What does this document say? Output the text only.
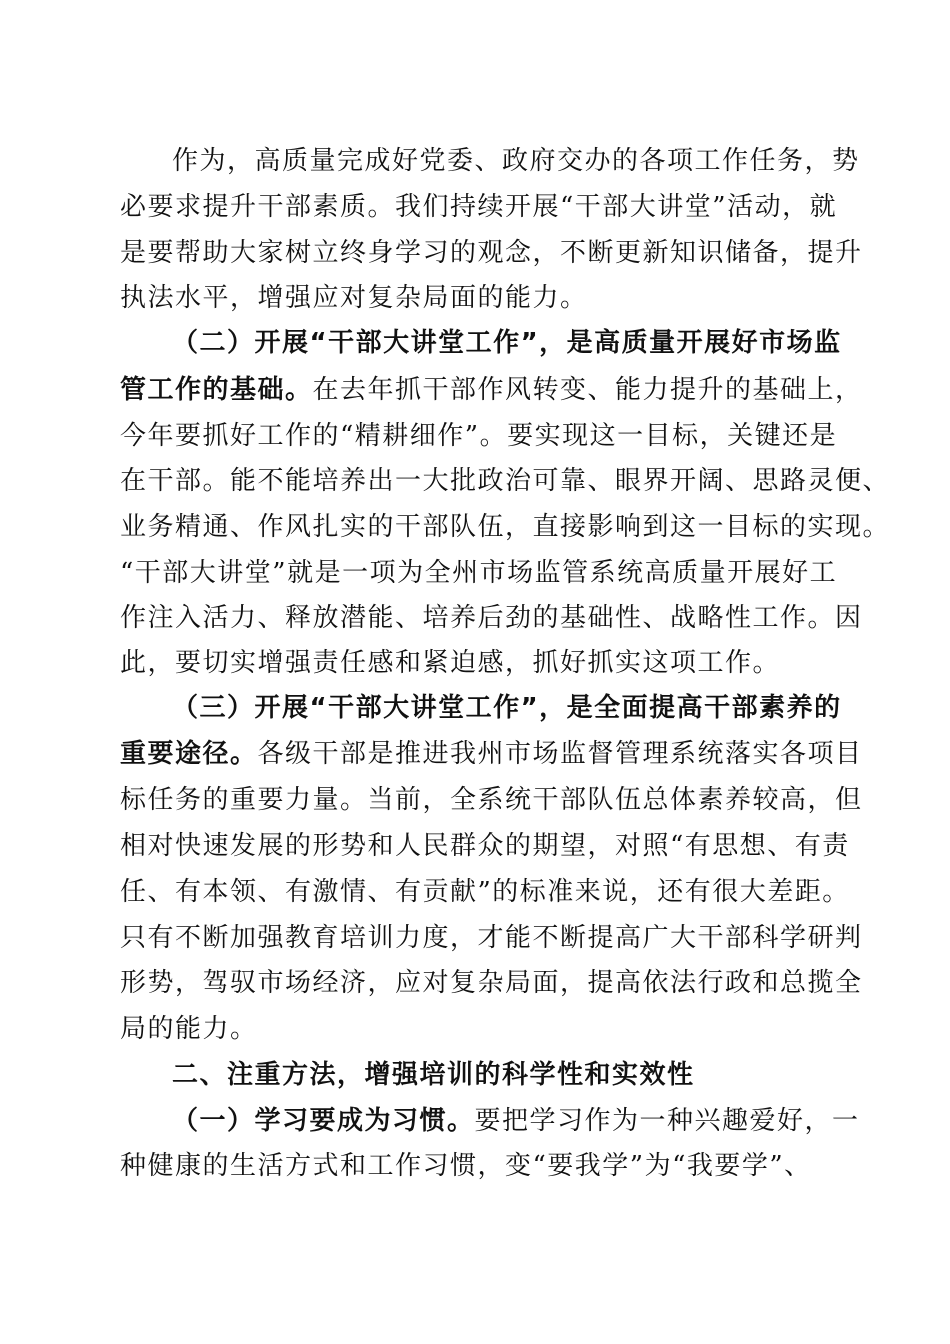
作为，高质量完成好党委、政府交办的各项工作任务，势
必要求提升干部素质。我们持续开展“干部大讲堂”活动，就
是要帮助大家树立终身学习的观念，不断更新知识储备，提升
执法水平，增强应对复杂局面的能力。
（二）开展“干部大讲堂工作”，是高质量开展好市场监
管工作的基础。在去年抓干部作风转变、能力提升的基础上，
今年要抓好工作的“精耕细作”。要实现这一目标，关键还是
在干部。能不能培养出一大批政治可靠、眼界开阔、思路灵便、
业务精通、作风扎实的干部队伍，直接影响到这一目标的实现。
“干部大讲堂”就是一项为全州市场监管系统高质量开展好工
作注入活力、释放潜能、培养后劲的基础性、战略性工作。因
此，要切实增强责任感和紧迫感，抓好抓实这项工作。
（三）开展“干部大讲堂工作”，是全面提高干部素养的
重要途径。各级干部是推进我州市场监督管理系统落实各项目
标任务的重要力量。当前，全系统干部队伍总体素养较高，但
相对快速发展的形势和人民群众的期望，对照“有思想、有责
任、有本领、有激情、有贡献”的标准来说，还有很大差距。
只有不断加强教育培训力度，才能不断提高广大干部科学研判
形势，驾驭市场经济，应对复杂局面，提高依法行政和总揽全
局的能力。
二、注重方法，增强培训的科学性和实效性
（一）学习要成为习惯。要把学习作为一种兴趣爱好，一
种健康的生活方式和工作习惯，变“要我学”为“我要学”、
